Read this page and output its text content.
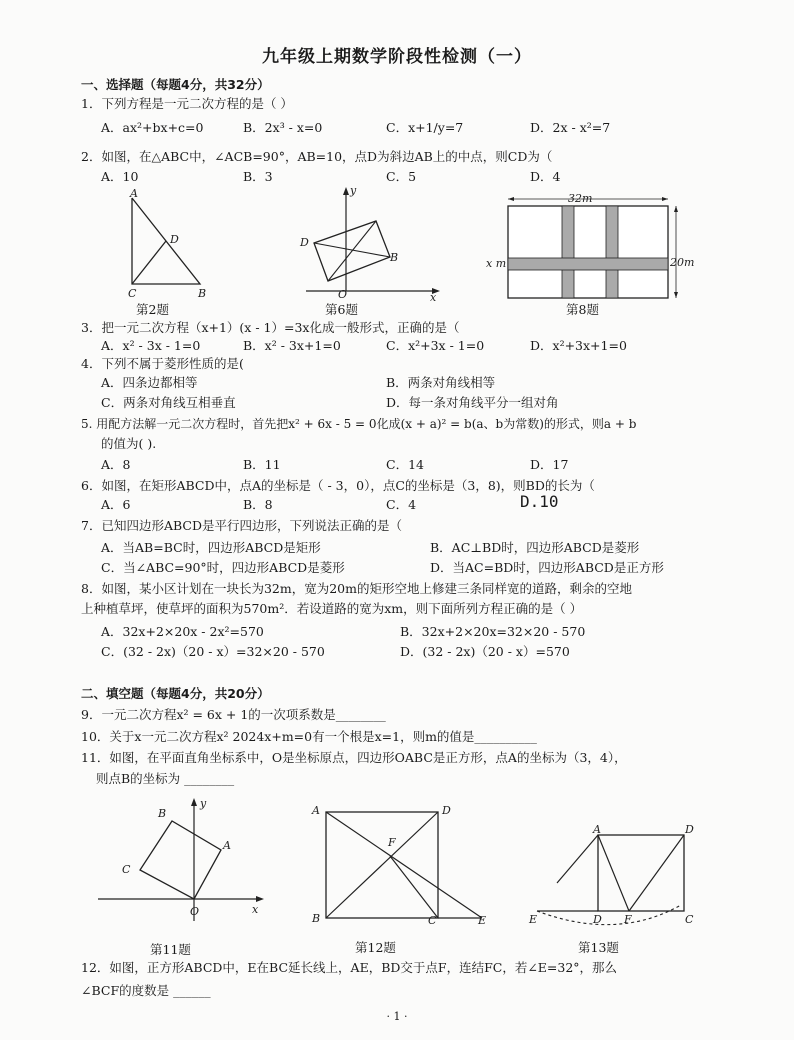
九年级上期数学阶段性检测（一）
一、选择题（每题4分，共32分）
1．下列方程是一元二次方程的是（ ）
A．ax²+bx+c=0	B．2x³ - x=0	C．x+1/y=7	D．2x - x²=7
2．如图，在△ABC中，∠ACB=90°，AB=10，点D为斜边AB上的中点，则CD为（
A．10	B．3	C．5	D．4
A
D
C	B
第2题
y
D
B
O	x
第6题
32m
20m
x m
第8题
3．把一元二次方程（x+1）(x - 1）=3x化成一般形式，正确的是（
A．x² - 3x - 1=0	B．x² - 3x+1=0	C．x²+3x - 1=0	D．x²+3x+1=0
4．下列不属于菱形性质的是(
A．四条边都相等	B．两条对角线相等
C．两条对角线互相垂直	D．每一条对角线平分一组对角
5. 用配方法解一元二次方程时，首先把x² + 6x - 5 = 0化成(x + a)² = b(a、b为常数)的形式，则a + b
的值为( ).
A．8	B．11	C．14	D．17
6．如图，在矩形ABCD中，点A的坐标是（ - 3，0），点C的坐标是（3，8)，则BD的长为（
A．6	B．8	C．4	D.10
7．已知四边形ABCD是平行四边形，下列说法正确的是（
A．当AB=BC时，四边形ABCD是矩形	B．AC⊥BD时，四边形ABCD是菱形
C．当∠ABC=90°时，四边形ABCD是菱形	D．当AC=BD时，四边形ABCD是正方形
8．如图，某小区计划在一块长为32m，宽为20m的矩形空地上修建三条同样宽的道路，剩余的空地
上种植草坪，使草坪的面积为570m²．若设道路的宽为xm，则下面所列方程正确的是（ ）
A．32x+2×20x - 2x²=570	B．32x+2×20x=32×20 - 570
C．(32 - 2x)（20 - x）=32×20 - 570	D．(32 - 2x)（20 - x）=570
二、填空题（每题4分，共20分）
9．一元二次方程x² = 6x + 1的一次项系数是________
10．关于x一元二次方程x² 2024x+m=0有一个根是x=1，则m的值是__________
11．如图，在平面直角坐标系中，O是坐标原点，四边形OABC是正方形，点A的坐标为（3，4），
则点B的坐标为 ________
B
y
A
C
O	x
第11题
A	D
F
B	C	E
第12题
A	D
E	D F	C
第13题
12．如图，正方形ABCD中，E在BC延长线上，AE，BD交于点F，连结FC，若∠E=32°，那么
∠BCF的度数是 ______
· 1 ·
